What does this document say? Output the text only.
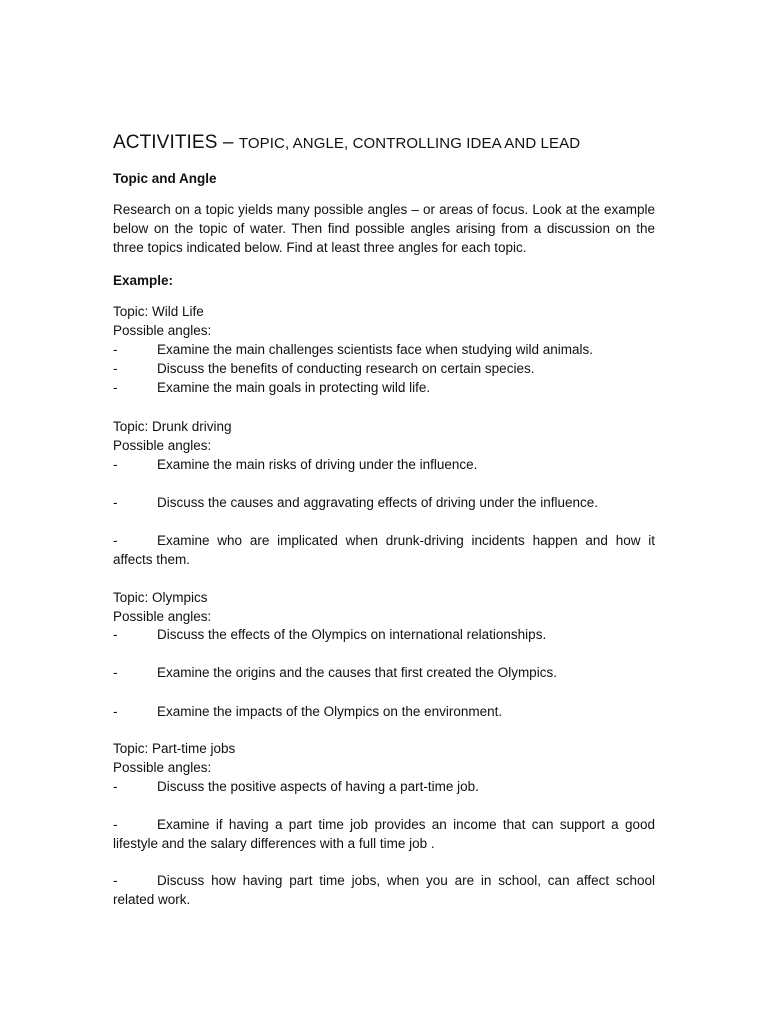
ACTIVITIES – TOPIC, ANGLE, CONTROLLING IDEA AND LEAD
Topic and Angle
Research on a topic yields many possible angles – or areas of focus. Look at the example below on the topic of water. Then find possible angles arising from a discussion on the three topics indicated below. Find at least three angles for each topic.
Example:
Topic: Wild Life
Possible angles:
-	Examine the main challenges scientists face when studying wild animals.
-	Discuss the benefits of conducting research on certain species.
-	Examine the main goals in protecting wild life.
Topic: Drunk driving
Possible angles:
-	Examine the main risks of driving under the influence.
-	Discuss the causes and aggravating effects of driving under the influence.
-	Examine who are implicated when drunk-driving incidents happen and how it affects them.
Topic: Olympics
Possible angles:
-	Discuss the effects of the Olympics on international relationships.
-	Examine the origins and the causes that first created the Olympics.
-	Examine the impacts of the Olympics on the environment.
Topic: Part-time jobs
Possible angles:
-	Discuss the positive aspects of having a part-time job.
-	Examine if having a part time job provides an income that can support a good lifestyle and the salary differences with a full time job .
-	Discuss how having part time jobs, when you are in school, can affect school related work.
